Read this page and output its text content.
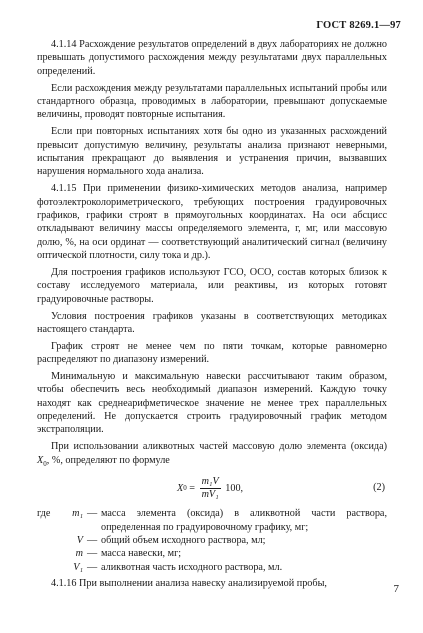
ГОСТ 8269.1—97

4.1.14 Расхождение результатов определений в двух лабораториях не должно превышать допустимого расхождения между результатами двух параллельных определений.

Если расхождения между результатами параллельных испытаний пробы или стандартного образца, проводимых в лаборатории, превышают допускаемые величины, проводят повторные испытания.

Если при повторных испытаниях хотя бы одно из указанных расхождений превысит допустимую величину, результаты анализа признают неверными, испытания прекращают до выявления и устранения причин, вызвавших нарушения нормального хода анализа.

4.1.15 При применении физико-химических методов анализа, например фотоэлектроколориметрического, требующих построения градуировочных графиков, графики строят в прямоугольных координатах. На оси абсцисс откладывают величину массы определяемого элемента, г, мг, или массовую долю, %, на оси ординат — соответствующий аналитический сигнал (величину оптической плотности, силу тока и др.).

Для построения графиков используют ГСО, ОСО, состав которых близок к составу исследуемого материала, или реактивы, из которых готовят градуировочные растворы.

Условия построения графиков указаны в соответствующих методиках настоящего стандарта.

График строят не менее чем по пяти точкам, которые равномерно распределяют по диапазону измерений.

Минимальную и максимальную навески рассчитывают таким образом, чтобы обеспечить весь необходимый диапазон измерений. Каждую точку находят как среднеарифметическое значение не менее трех параллельных определений. Не допускается строить градуировочный график методом экстраполяции.

При использовании аликвотных частей массовую долю элемента (оксида) $X_0$, %, определяют по формуле

X $0 = \frac{\text{m₁V}}{\text{mV₁}} 100$,	(2)
где	m₁ — масса элемента (оксида) в аликвотной части раствора, определенная по градуировочному графику, мг;
V — общий объем исходного раствора, мл;
m — масса навески, мг;
V₁ — аликвотная часть исходного раствора, мл.

4.1.16 При выполнении анализа навеску анализируемой пробы,	7
